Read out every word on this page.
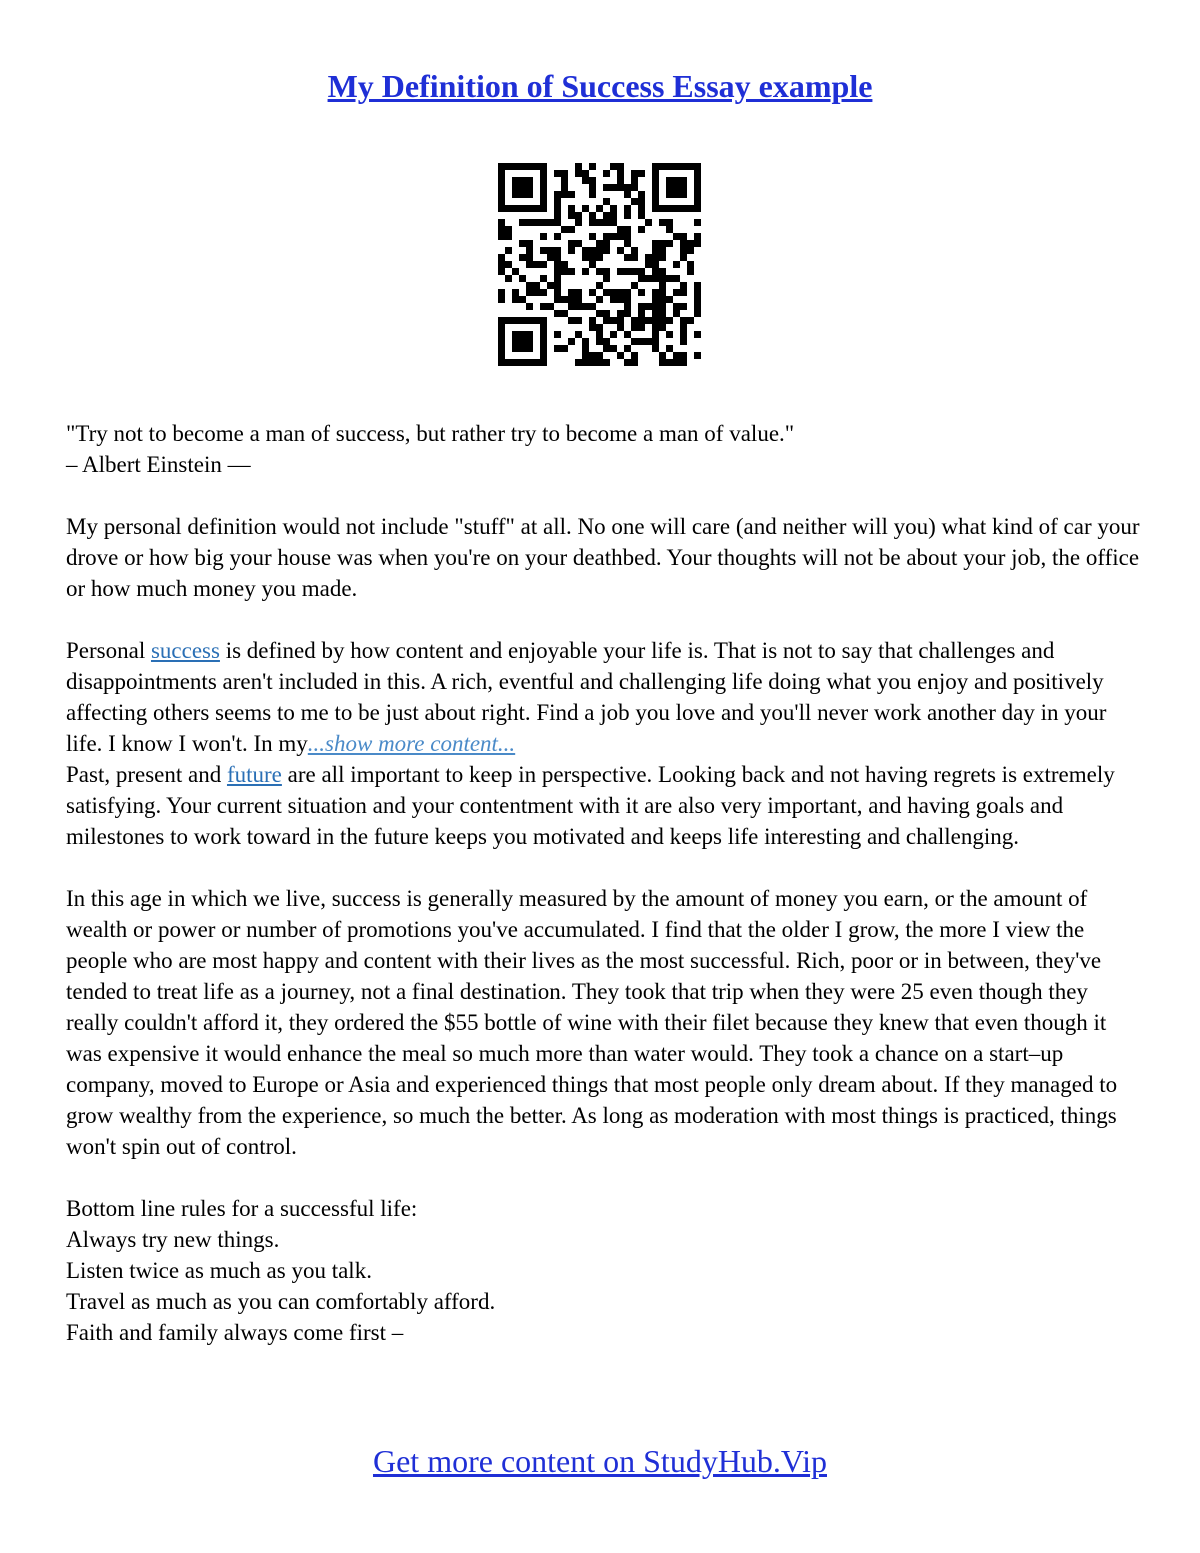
My Definition of Success Essay example

"Try not to become a man of success, but rather try to become a man of value."
– Albert Einstein —

My personal definition would not include "stuff" at all. No one will care (and neither will you) what kind of car your drove or how big your house was when you're on your deathbed. Your thoughts will not be about your job, the office or how much money you made.

Personal success is defined by how content and enjoyable your life is. That is not to say that challenges and disappointments aren't included in this. A rich, eventful and challenging life doing what you enjoy and positively affecting others seems to me to be just about right. Find a job you love and you'll never work another day in your life. I know I won't. In my...show more content...
Past, present and future are all important to keep in perspective. Looking back and not having regrets is extremely satisfying. Your current situation and your contentment with it are also very important, and having goals and milestones to work toward in the future keeps you motivated and keeps life interesting and challenging.

In this age in which we live, success is generally measured by the amount of money you earn, or the amount of wealth or power or number of promotions you've accumulated. I find that the older I grow, the more I view the people who are most happy and content with their lives as the most successful. Rich, poor or in between, they've tended to treat life as a journey, not a final destination. They took that trip when they were 25 even though they really couldn't afford it, they ordered the $55 bottle of wine with their filet because they knew that even though it was expensive it would enhance the meal so much more than water would. They took a chance on a start–up company, moved to Europe or Asia and experienced things that most people only dream about. If they managed to grow wealthy from the experience, so much the better. As long as moderation with most things is practiced, things won't spin out of control.

Bottom line rules for a successful life:
Always try new things.
Listen twice as much as you talk.
Travel as much as you can comfortably afford.
Faith and family always come first –

Get more content on StudyHub.Vip
